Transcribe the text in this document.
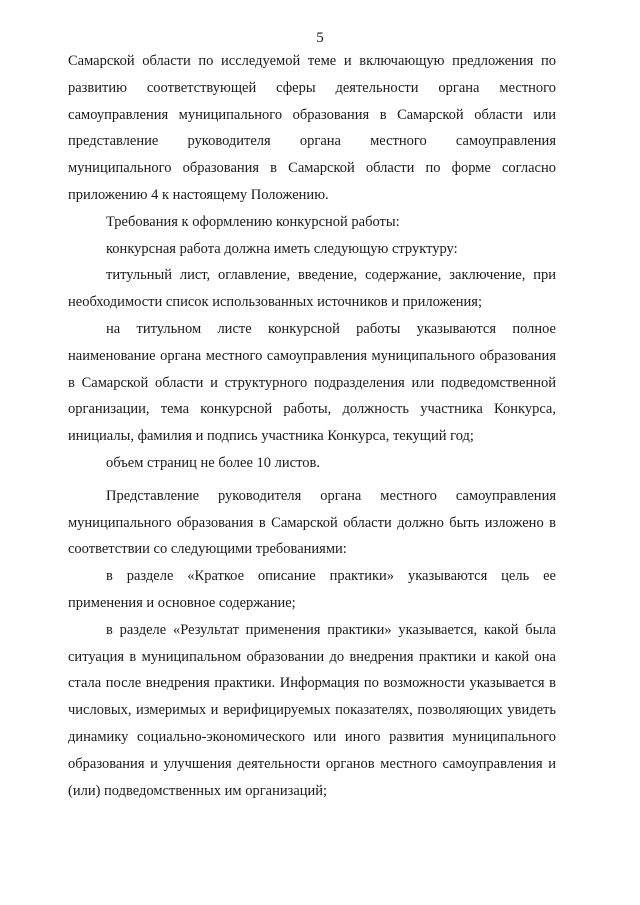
5

Самарской области по исследуемой теме и включающую предложения по развитию соответствующей сферы деятельности органа местного самоуправления муниципального образования в Самарской области или представление руководителя органа местного самоуправления муниципального образования в Самарской области по форме согласно приложению 4 к настоящему Положению.

Требования к оформлению конкурсной работы:

конкурсная работа должна иметь следующую структуру:

титульный лист, оглавление, введение, содержание, заключение, при необходимости список использованных источников и приложения;

на титульном листе конкурсной работы указываются полное наименование органа местного самоуправления муниципального образования в Самарской области и структурного подразделения или подведомственной организации, тема конкурсной работы, должность участника Конкурса, инициалы, фамилия и подпись участника Конкурса, текущий год;

объем страниц не более 10 листов.

Представление руководителя органа местного самоуправления муниципального образования в Самарской области должно быть изложено в соответствии со следующими требованиями:

в разделе «Краткое описание практики» указываются цель ее применения и основное содержание;

в разделе «Результат применения практики» указывается, какой была ситуация в муниципальном образовании до внедрения практики и какой она стала после внедрения практики. Информация по возможности указывается в числовых, измеримых и верифицируемых показателях, позволяющих увидеть динамику социально-экономического или иного развития муниципального образования и улучшения деятельности органов местного самоуправления и (или) подведомственных им организаций;
